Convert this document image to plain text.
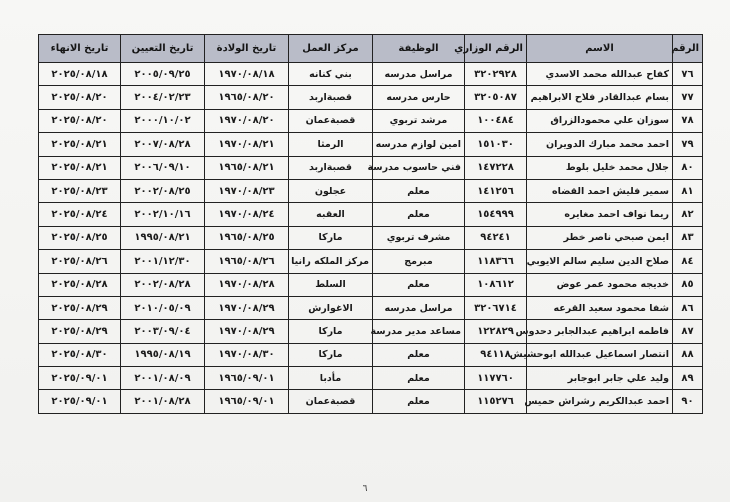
الرقم	الاسم	الرقم الوزاري	الوظيفة	مركز العمل	تاريخ الولادة	تاريخ التعيين	تاريخ الانهاء
٧٦	كفاح عبدالله محمد الاسدي	٣٢٠٢٩٢٨	مراسل مدرسه	بني كنانه	١٩٧٠/٠٨/١٨	٢٠٠٥/٠٩/٢٥	٢٠٢٥/٠٨/١٨
٧٧	بسام عبدالقادر فلاح الابراهيم	٣٢٠٥٠٨٧	حارس مدرسه	قصبةاربد	١٩٦٥/٠٨/٢٠	٢٠٠٤/٠٢/٢٣	٢٠٢٥/٠٨/٢٠
٧٨	سوزان علي محمودالزراق	١٠٠٤٨٤	مرشد تربوي	قصبةعمان	١٩٧٠/٠٨/٢٠	٢٠٠٠/١٠/٠٢	٢٠٢٥/٠٨/٢٠
٧٩	احمد محمد مبارك الدويران	١٥١٠٣٠	امين لوازم مدرسه	الرمثا	١٩٧٠/٠٨/٢١	٢٠٠٧/٠٨/٢٨	٢٠٢٥/٠٨/٢١
٨٠	جلال محمد خليل بلوط	١٤٧٢٢٨	فني حاسوب مدرسة	قصبةاربد	١٩٦٥/٠٨/٢١	٢٠٠٦/٠٩/١٠	٢٠٢٥/٠٨/٢١
٨١	سمير فليش احمد القضاه	١٤١٢٥٦	معلم	عجلون	١٩٧٠/٠٨/٢٣	٢٠٠٢/٠٨/٢٥	٢٠٢٥/٠٨/٢٣
٨٢	ريما نواف احمد مغايره	١٥٤٩٩٩	معلم	العقبه	١٩٧٠/٠٨/٢٤	٢٠٠٢/١٠/١٦	٢٠٢٥/٠٨/٢٤
٨٣	ايمن صبحي ناصر خطر	٩٤٢٤١	مشرف تربوي	ماركا	١٩٦٥/٠٨/٢٥	١٩٩٥/٠٨/٢١	٢٠٢٥/٠٨/٢٥
٨٤	صلاح الدين سليم سالم الايوبي	١١٨٣٦٦	مبرمج	مركز الملكه رانيا	١٩٦٥/٠٨/٢٦	٢٠٠١/١٢/٣٠	٢٠٢٥/٠٨/٢٦
٨٥	خديجه محمود عمر عوض	١٠٨٦١٢	معلم	السلط	١٩٧٠/٠٨/٢٨	٢٠٠٢/٠٨/٢٨	٢٠٢٥/٠٨/٢٨
٨٦	شفا محمود سعيد القرعه	٣٢٠٦٧١٤	مراسل مدرسه	الاغوارش	١٩٧٠/٠٨/٢٩	٢٠١٠/٠٥/٠٩	٢٠٢٥/٠٨/٢٩
٨٧	فاطمه ابراهيم عبدالجابر دحدوس	١٢٢٨٢٩	مساعد مدير مدرسة	ماركا	١٩٧٠/٠٨/٢٩	٢٠٠٣/٠٩/٠٤	٢٠٢٥/٠٨/٢٩
٨٨	انتصار اسماعيل عبدالله ابوحشيش	٩٤١١٨	معلم	ماركا	١٩٧٠/٠٨/٣٠	١٩٩٥/٠٨/١٩	٢٠٢٥/٠٨/٣٠
٨٩	وليد علي جابر ابوجابر	١١٧٧٦٠	معلم	مأدبا	١٩٦٥/٠٩/٠١	٢٠٠١/٠٨/٠٩	٢٠٢٥/٠٩/٠١
٩٠	احمد عبدالكريم رشراش حميس	١١٥٢٧٦	معلم	قصبةعمان	١٩٦٥/٠٩/٠١	٢٠٠١/٠٨/٢٨	٢٠٢٥/٠٩/٠١
٦
